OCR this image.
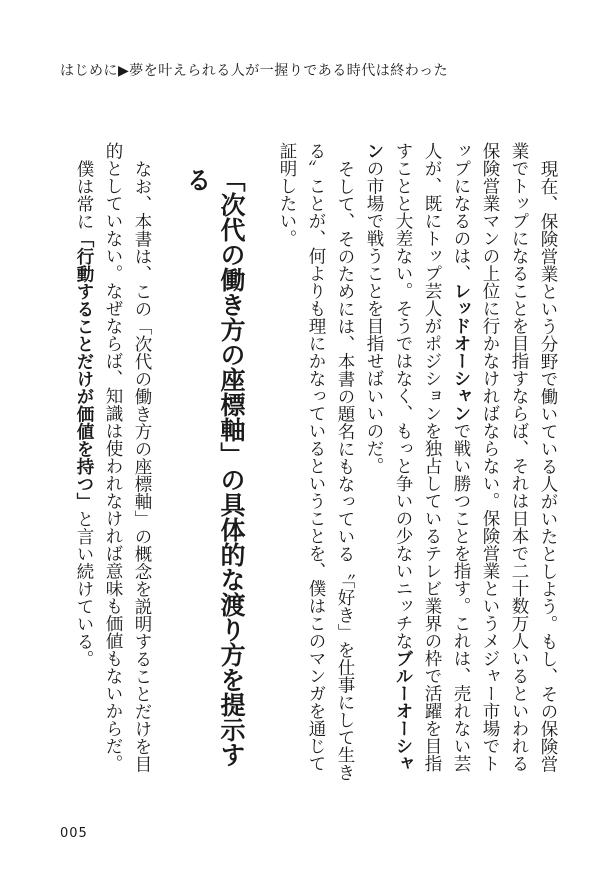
はじめに▶夢を叶えられる人が一握りである時代は終わった

現在、保険営業という分野で働いている人がいたとしよう。もし、その保険営業でトップになることを目指すならば、それは日本で二十数万人いるといわれる保険営業マンの上位に行かなければならない。保険営業というメジャー市場でトップになるのは、レッドオーシャンで戦い勝つことを指す。これは、売れない芸人が、既にトップ芸人がポジションを独占しているテレビ業界の枠で活躍を目指すことと大差ない。そうではなく、もっと争いの少ないニッチなブルーオーシャンの市場で戦うことを目指せばいいのだ。

そして、そのためには、本書の題名にもなっている〝「好き」を仕事にして生きる〟ことが、何よりも理にかなっているということを、僕はこのマンガを通じて証明したい。

「次代の働き方の座標軸」の具体的な渡り方を提示する

なお、本書は、この「次代の働き方の座標軸」の概念を説明することだけを目的としていない。なぜならば、知識は使われなければ意味も価値もないからだ。

僕は常に「行動することだけが価値を持つ」と言い続けている。

005
